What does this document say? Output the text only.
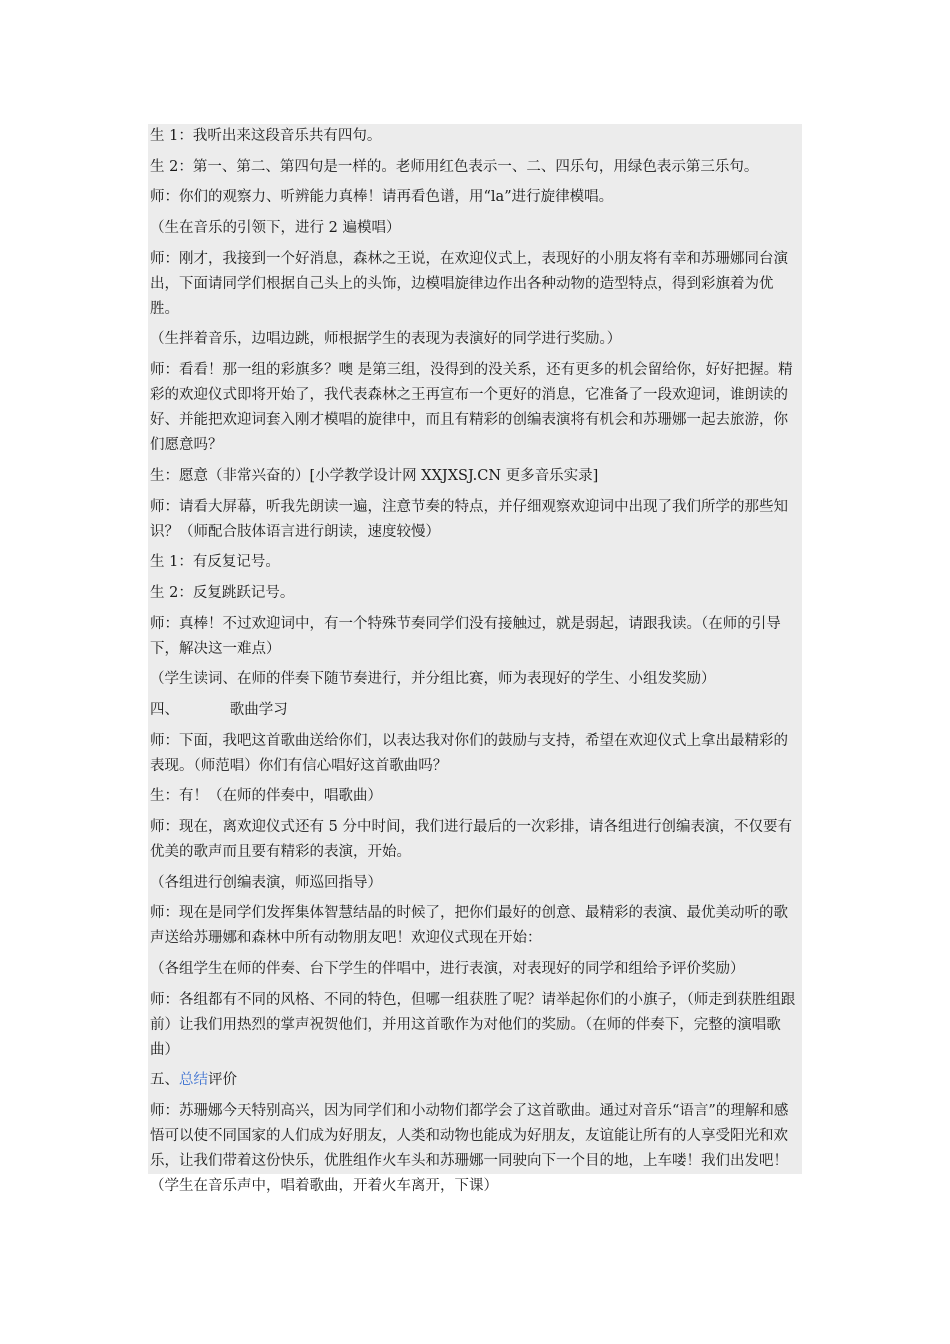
生 1：我听出来这段音乐共有四句。

生 2：第一、第二、第四句是一样的。老师用红色表示一、二、四乐句，用绿色表示第三乐句。

师：你们的观察力、听辨能力真棒！请再看色谱，用“la”进行旋律模唱。

（生在音乐的引领下，进行 2 遍模唱）

师：刚才，我接到一个好消息，森林之王说，在欢迎仪式上，表现好的小朋友将有幸和苏珊娜同台演出，下面请同学们根据自己头上的头饰，边模唱旋律边作出各种动物的造型特点，得到彩旗着为优胜。

（生拌着音乐，边唱边跳，师根据学生的表现为表演好的同学进行奖励。）

师：看看！那一组的彩旗多？噢 是第三组，没得到的没关系，还有更多的机会留给你，好好把握。精彩的欢迎仪式即将开始了，我代表森林之王再宣布一个更好的消息，它准备了一段欢迎词，谁朗读的好、并能把欢迎词套入刚才模唱的旋律中，而且有精彩的创编表演将有机会和苏珊娜一起去旅游，你们愿意吗？

生：愿意（非常兴奋的）[小学教学设计网 XXJXSJ.CN 更多音乐实录]

师：请看大屏幕，听我先朗读一遍，注意节奏的特点，并仔细观察欢迎词中出现了我们所学的那些知识？（师配合肢体语言进行朗读，速度较慢）

生 1：有反复记号。

生 2：反复跳跃记号。

师：真棒！不过欢迎词中，有一个特殊节奏同学们没有接触过，就是弱起，请跟我读。（在师的引导下，解决这一难点）

（学生读词、在师的伴奏下随节奏进行，并分组比赛，师为表现好的学生、小组发奖励）

四、　　　　歌曲学习

师：下面，我吧这首歌曲送给你们，以表达我对你们的鼓励与支持，希望在欢迎仪式上拿出最精彩的表现。（师范唱）你们有信心唱好这首歌曲吗？

生：有！（在师的伴奏中，唱歌曲）

师：现在，离欢迎仪式还有 5 分中时间，我们进行最后的一次彩排，请各组进行创编表演，不仅要有优美的歌声而且要有精彩的表演，开始。

（各组进行创编表演，师巡回指导）

师：现在是同学们发挥集体智慧结晶的时候了，把你们最好的创意、最精彩的表演、最优美动听的歌声送给苏珊娜和森林中所有动物朋友吧！欢迎仪式现在开始：

（各组学生在师的伴奏、台下学生的伴唱中，进行表演，对表现好的同学和组给予评价奖励）

师：各组都有不同的风格、不同的特色，但哪一组获胜了呢？请举起你们的小旗子，（师走到获胜组跟前）让我们用热烈的掌声祝贺他们，并用这首歌作为对他们的奖励。（在师的伴奏下，完整的演唱歌曲）

五、总结评价

师：苏珊娜今天特别高兴，因为同学们和小动物们都学会了这首歌曲。通过对音乐“语言”的理解和感悟可以使不同国家的人们成为好朋友，人类和动物也能成为好朋友，友谊能让所有的人享受阳光和欢乐，让我们带着这份快乐，优胜组作火车头和苏珊娜一同驶向下一个目的地，上车喽！我们出发吧！（学生在音乐声中，唱着歌曲，开着火车离开，下课）
